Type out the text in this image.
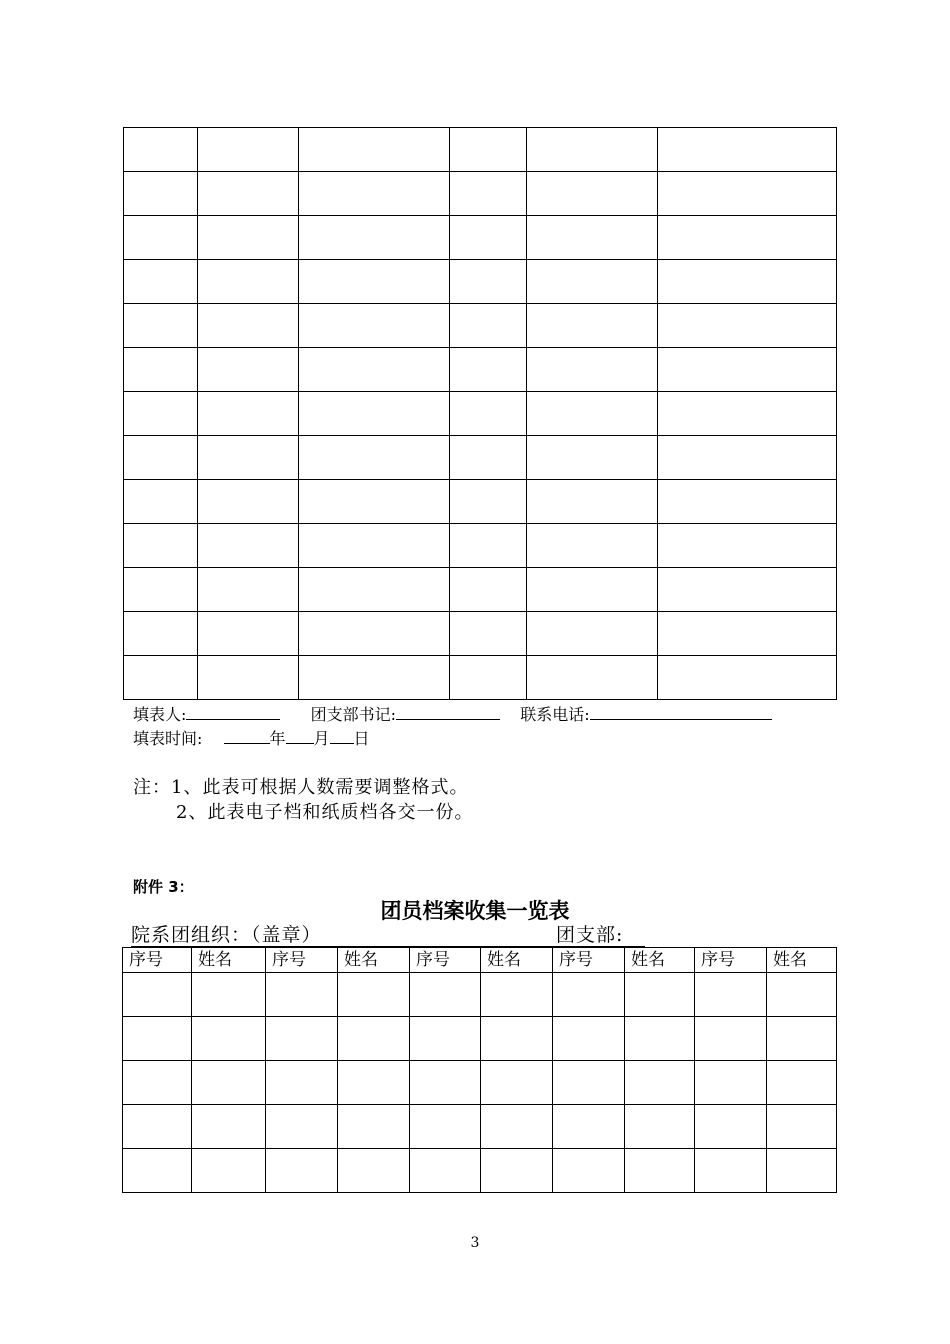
填表人:	团支部书记:	联系电话:
填表时间:	年 月 日
注：1、此表可根据人数需要调整格式。
2、此表电子档和纸质档各交一份。
附件 3：
团员档案收集一览表
院系团组织：（盖章）	团支部:
序号	姓名	序号	姓名	序号	姓名	序号	姓名	序号	姓名

3
